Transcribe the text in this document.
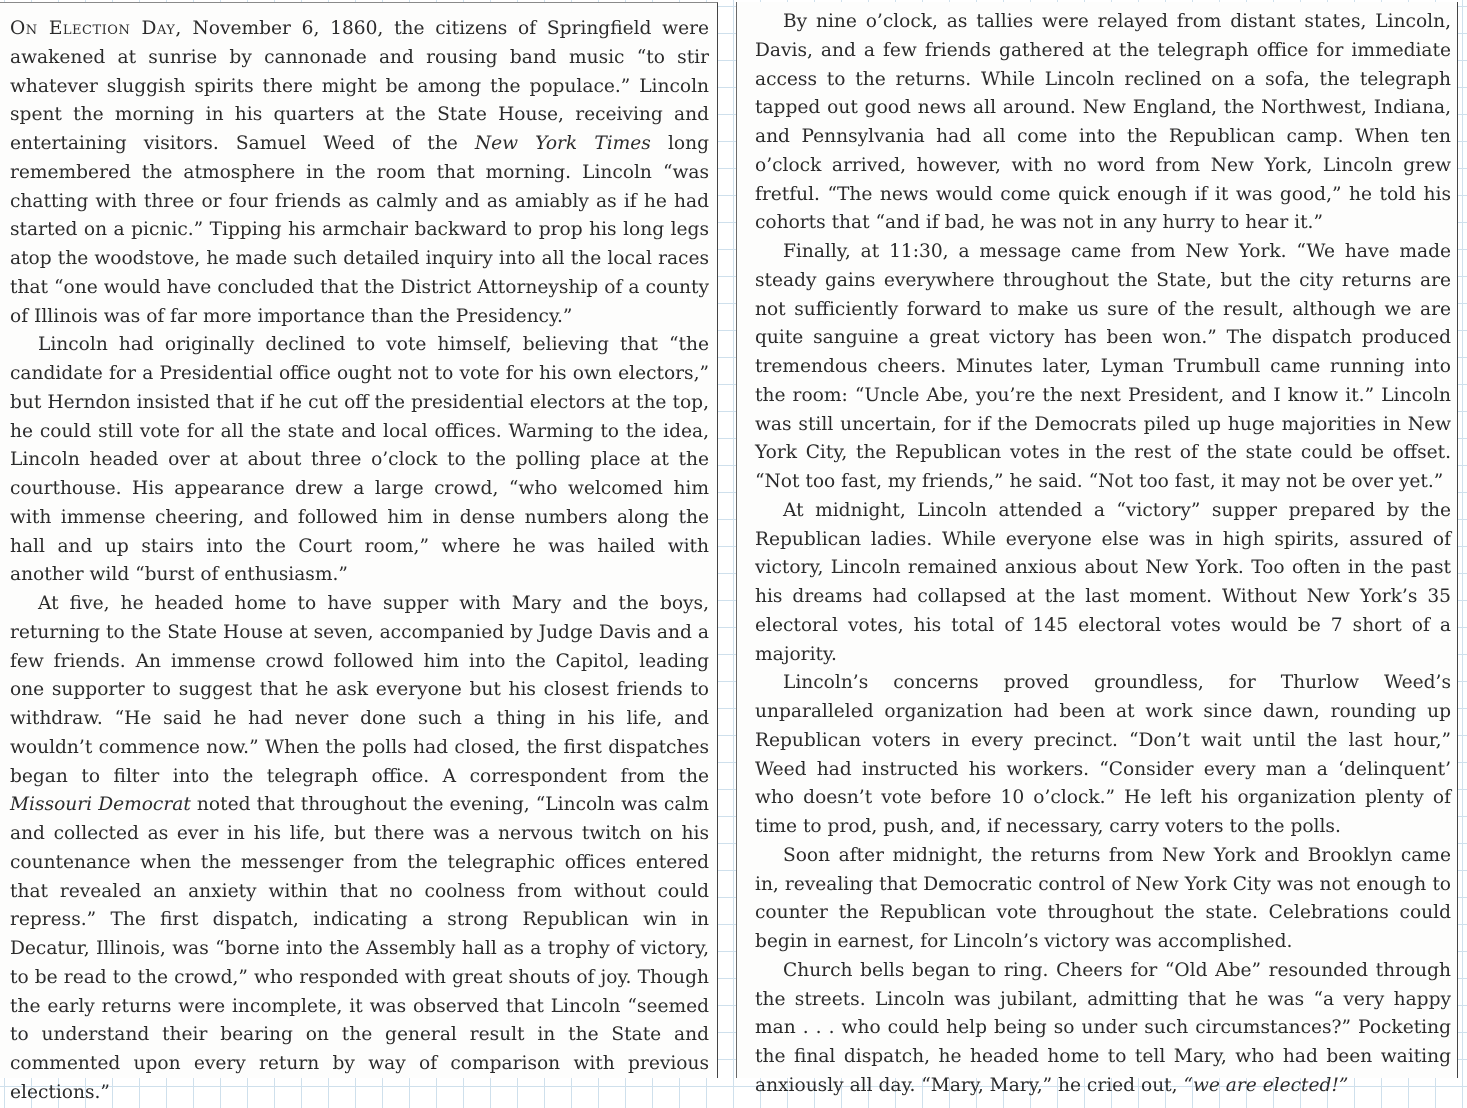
On Election Day, November 6, 1860, the citizens of Springfield were awakened at sunrise by cannonade and rousing band music “to stir whatever sluggish spirits there might be among the populace.” Lincoln spent the morning in his quarters at the State House, receiving and entertaining visitors. Samuel Weed of the New York Times long remembered the atmosphere in the room that morning. Lincoln “was chatting with three or four friends as calmly and as amiably as if he had started on a picnic.” Tipping his armchair backward to prop his long legs atop the woodstove, he made such detailed inquiry into all the local races that “one would have concluded that the District Attorneyship of a county of Illinois was of far more importance than the Presidency.”

Lincoln had originally declined to vote himself, believing that “the candidate for a Presidential office ought not to vote for his own electors,” but Herndon insisted that if he cut off the presidential electors at the top, he could still vote for all the state and local offices. Warming to the idea, Lincoln headed over at about three o’clock to the polling place at the courthouse. His appearance drew a large crowd, “who welcomed him with immense cheering, and followed him in dense numbers along the hall and up stairs into the Court room,” where he was hailed with another wild “burst of enthusiasm.”

At five, he headed home to have supper with Mary and the boys, returning to the State House at seven, accompanied by Judge Davis and a few friends. An immense crowd followed him into the Capitol, leading one supporter to suggest that he ask everyone but his closest friends to withdraw. “He said he had never done such a thing in his life, and wouldn’t commence now.” When the polls had closed, the first dispatches began to filter into the telegraph office. A correspondent from the Missouri Democrat noted that throughout the evening, “Lincoln was calm and collected as ever in his life, but there was a nervous twitch on his countenance when the messenger from the telegraphic offices entered that revealed an anxiety within that no coolness from without could repress.” The first dispatch, indicating a strong Republican win in Decatur, Illinois, was “borne into the Assembly hall as a trophy of victory, to be read to the crowd,” who responded with great shouts of joy. Though the early returns were incomplete, it was observed that Lincoln “seemed to understand their bearing on the general result in the State and commented upon every return by way of comparison with previous elections.”

By nine o’clock, as tallies were relayed from distant states, Lincoln, Davis, and a few friends gathered at the telegraph office for immediate access to the returns. While Lincoln reclined on a sofa, the telegraph tapped out good news all around. New England, the Northwest, Indiana, and Pennsylvania had all come into the Republican camp. When ten o’clock arrived, however, with no word from New York, Lincoln grew fretful. “The news would come quick enough if it was good,” he told his cohorts that “and if bad, he was not in any hurry to hear it.”

Finally, at 11:30, a message came from New York. “We have made steady gains everywhere throughout the State, but the city returns are not sufficiently forward to make us sure of the result, although we are quite sanguine a great victory has been won.” The dispatch produced tremendous cheers. Minutes later, Lyman Trumbull came running into the room: “Uncle Abe, you’re the next President, and I know it.” Lincoln was still uncertain, for if the Democrats piled up huge majorities in New York City, the Republican votes in the rest of the state could be offset. “Not too fast, my friends,” he said. “Not too fast, it may not be over yet.”

At midnight, Lincoln attended a “victory” supper prepared by the Republican ladies. While everyone else was in high spirits, assured of victory, Lincoln remained anxious about New York. Too often in the past his dreams had collapsed at the last moment. Without New York’s 35 electoral votes, his total of 145 electoral votes would be 7 short of a majority.

Lincoln’s concerns proved groundless, for Thurlow Weed’s unparalleled organization had been at work since dawn, rounding up Republican voters in every precinct. “Don’t wait until the last hour,” Weed had instructed his workers. “Consider every man a ‘delinquent’ who doesn’t vote before 10 o’clock.” He left his organization plenty of time to prod, push, and, if necessary, carry voters to the polls.

Soon after midnight, the returns from New York and Brooklyn came in, revealing that Democratic control of New York City was not enough to counter the Republican vote throughout the state. Celebrations could begin in earnest, for Lincoln’s victory was accomplished.

Church bells began to ring. Cheers for “Old Abe” resounded through the streets. Lincoln was jubilant, admitting that he was “a very happy man . . . who could help being so under such circumstances?” Pocketing the final dispatch, he headed home to tell Mary, who had been waiting anxiously all day. “Mary, Mary,” he cried out, “we are elected!”
